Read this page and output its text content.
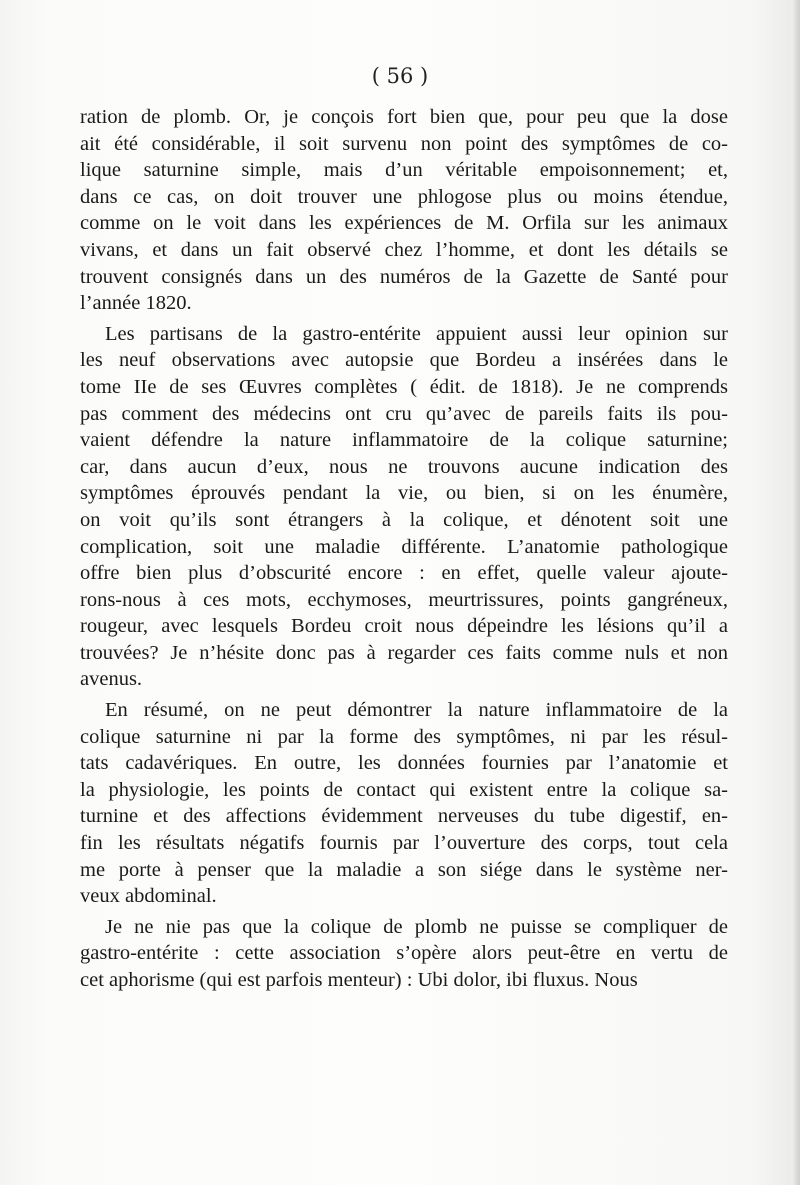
( 56 )
ration de plomb. Or, je conçois fort bien que, pour peu que la dose
ait été considérable, il soit survenu non point des symptômes de co-
lique saturnine simple, mais d’un véritable empoisonnement; et,
dans ce cas, on doit trouver une phlogose plus ou moins étendue,
comme on le voit dans les expériences de M. Orfila sur les animaux
vivans, et dans un fait observé chez l’homme, et dont les détails se
trouvent consignés dans un des numéros de la Gazette de Santé pour
l’année 1820.
Les partisans de la gastro-entérite appuient aussi leur opinion sur
les neuf observations avec autopsie que Bordeu a insérées dans le
tome IIe de ses Œuvres complètes ( édit. de 1818). Je ne comprends
pas comment des médecins ont cru qu’avec de pareils faits ils pou-
vaient défendre la nature inflammatoire de la colique saturnine;
car, dans aucun d’eux, nous ne trouvons aucune indication des
symptômes éprouvés pendant la vie, ou bien, si on les énumère,
on voit qu’ils sont étrangers à la colique, et dénotent soit une
complication, soit une maladie différente. L’anatomie pathologique
offre bien plus d’obscurité encore : en effet, quelle valeur ajoute-
rons-nous à ces mots, ecchymoses, meurtrissures, points gangréneux,
rougeur, avec lesquels Bordeu croit nous dépeindre les lésions qu’il a
trouvées? Je n’hésite donc pas à regarder ces faits comme nuls et non
avenus.
En résumé, on ne peut démontrer la nature inflammatoire de la
colique saturnine ni par la forme des symptômes, ni par les résul-
tats cadavériques. En outre, les données fournies par l’anatomie et
la physiologie, les points de contact qui existent entre la colique sa-
turnine et des affections évidemment nerveuses du tube digestif, en-
fin les résultats négatifs fournis par l’ouverture des corps, tout cela
me porte à penser que la maladie a son siége dans le système ner-
veux abdominal.
Je ne nie pas que la colique de plomb ne puisse se compliquer de
gastro-entérite : cette association s’opère alors peut-être en vertu de
cet aphorisme (qui est parfois menteur) : Ubi dolor, ibi fluxus. Nous
